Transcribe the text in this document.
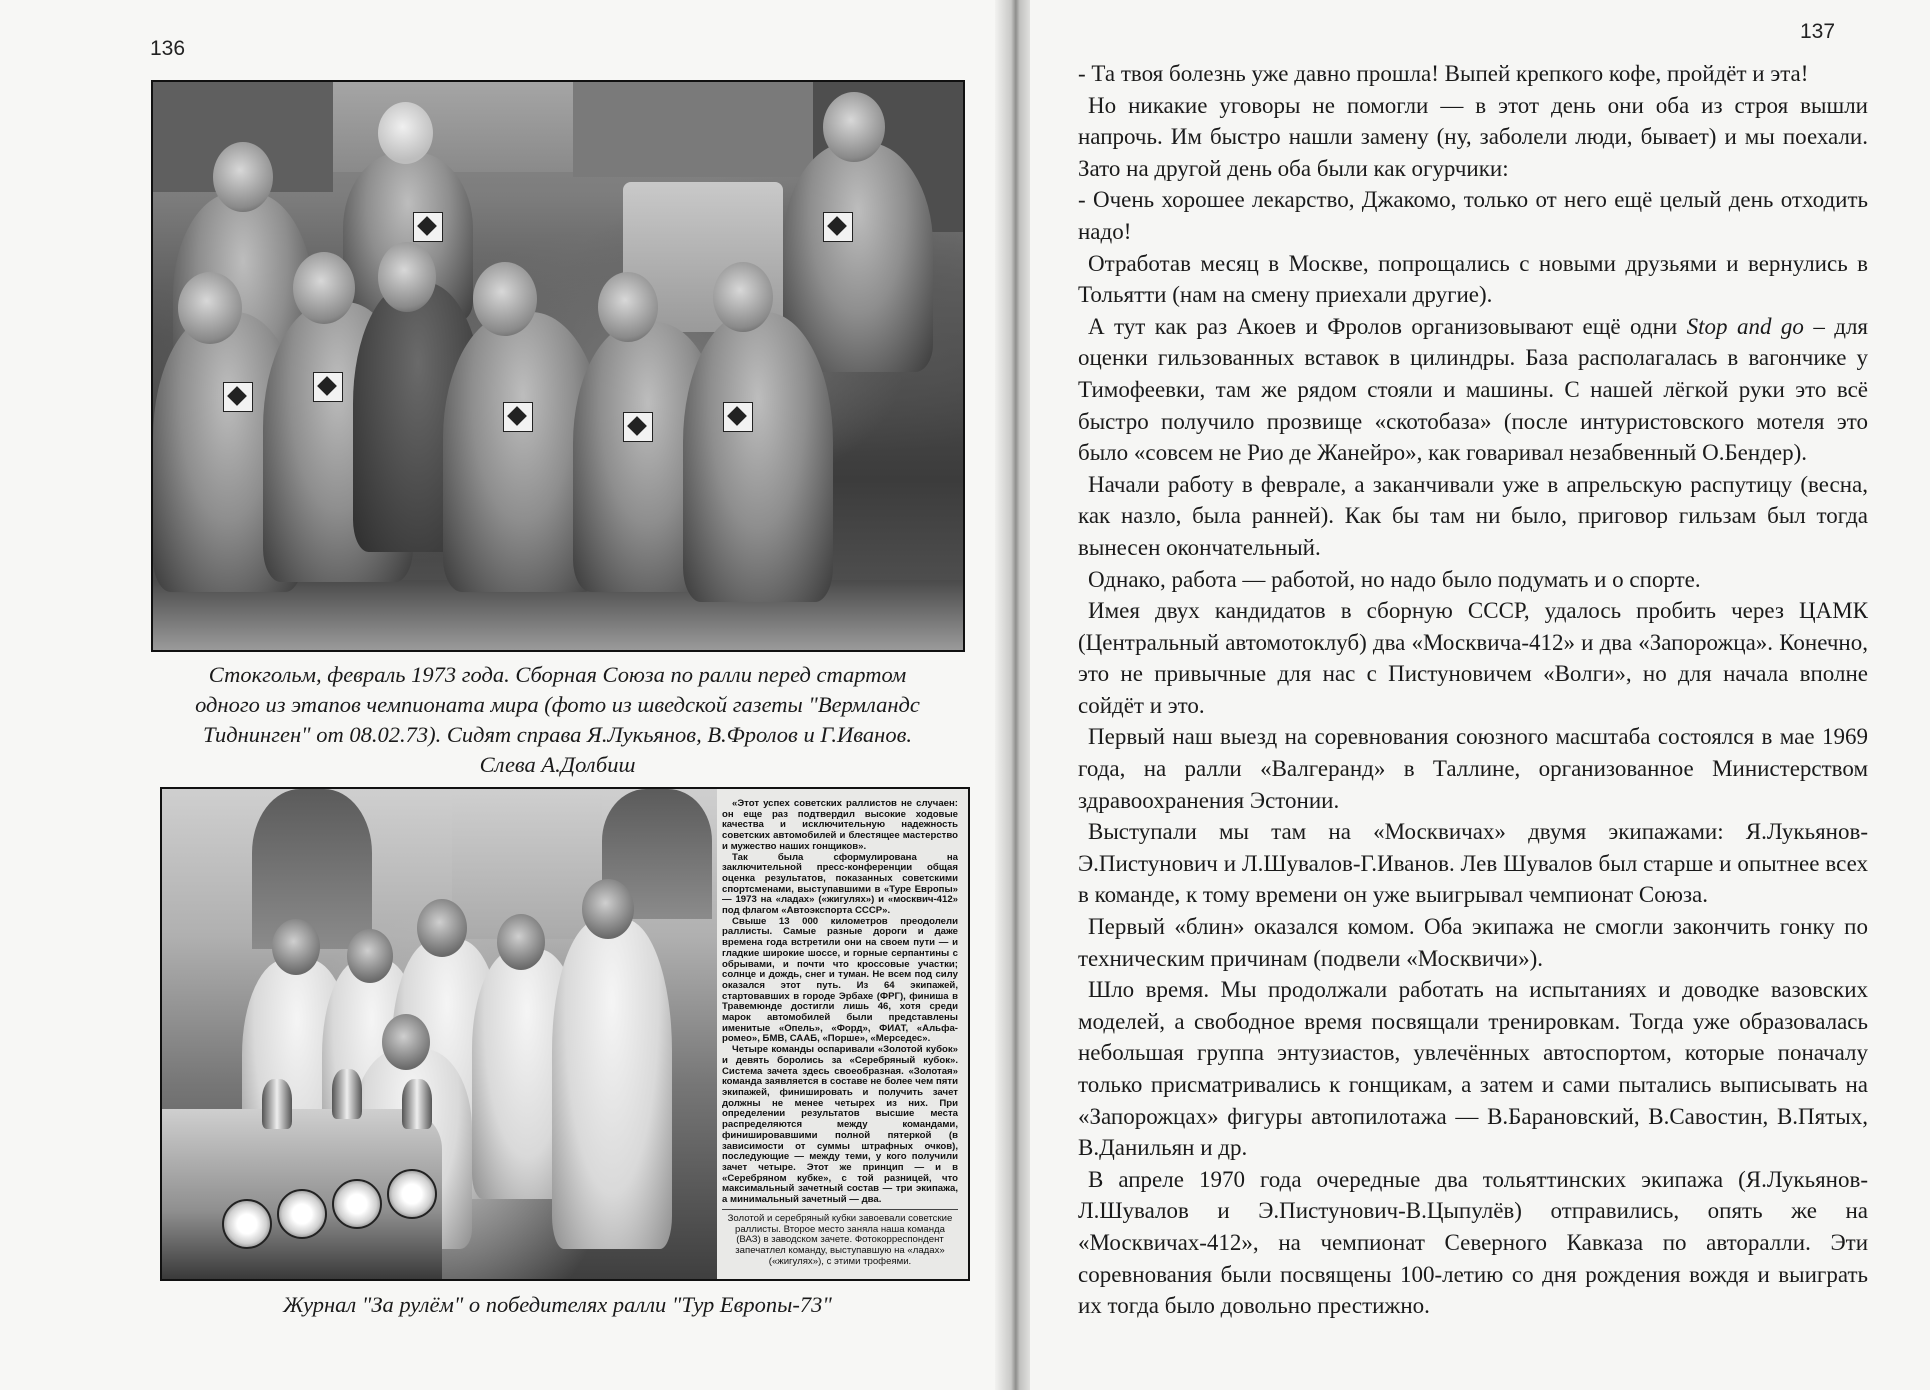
136
137
Стокгольм, февраль 1973 года. Сборная Союза по ралли перед стартом
одного из этапов чемпионата мира (фото из шведской газеты "Вермландс
Тиднинген" от 08.02.73). Сидят справа Я.Лукьянов, В.Фролов и Г.Иванов.
Слева А.Долбиш

«Этот успех советских раллистов не случаен: он еще раз подтвердил высокие ходовые качества и исключительную надежность советских автомобилей и блестящее мастерство и мужество наших гонщиков».

Так была сформулирована на заключительной пресс-конференции общая оценка результатов, показанных советскими спортсменами, выступавшими в «Туре Европы» — 1973 на «ладах» («жигулях») и «москвич-412» под флагом «Автоэкспорта СССР».

Свыше 13 000 километров преодолели раллисты. Самые разные дороги и даже времена года встретили они на своем пути — и гладкие широкие шоссе, и горные серпантины с обрывами, и почти что кроссовые участки; солнце и дождь, снег и туман. Не всем под силу оказался этот путь. Из 64 экипажей, стартовавших в городе Эрбахе (ФРГ), финиша в Травемюнде достигли лишь 46, хотя среди марок автомобилей были представлены именитые «Опель», «Форд», ФИАТ, «Альфа-ромео», БМВ, СААБ, «Порше», «Мерседес».

Четыре команды оспаривали «Золотой кубок» и девять боролись за «Серебряный кубок». Система зачета здесь своеобразная. «Золотая» команда заявляется в составе не более чем пяти экипажей, финишировать и получить зачет должны не менее четырех из них. При определении результатов высшие места распределяются между командами, финишировавшими полной пятеркой (в зависимости от суммы штрафных очков), последующие — между теми, у кого получили зачет четыре. Этот же принцип — и в «Серебряном кубке», с той разницей, что максимальный зачетный состав — три экипажа, а минимальный зачетный — два.

Золотой и серебряный кубки завоевали советские раллисты. Второе место заняла наша команда (ВАЗ) в заводском зачете. Фотокорреспондент запечатлел команду, выступавшую на «ладах» («жигулях»), с этими трофеями.
Журнал "За рулём" о победителях ралли "Тур Европы-73"

- Та твоя болезнь уже давно прошла! Выпей крепкого кофе, пройдёт и эта!

Но никакие уговоры не помогли — в этот день они оба из строя вышли напрочь. Им быстро нашли замену (ну, заболели люди, бывает) и мы поехали. Зато на другой день оба были как огурчики:

- Очень хорошее лекарство, Джакомо, только от него ещё целый день отходить надо!

Отработав месяц в Москве, попрощались с новыми друзьями и вернулись в Тольятти (нам на смену приехали другие).

А тут как раз Акоев и Фролов организовывают ещё одни Stop and go – для оценки гильзованных вставок в цилиндры. База располагалась в вагончике у Тимофеевки, там же рядом стояли и машины. С нашей лёгкой руки это всё быстро получило прозвище «скотобаза» (после интуристовского мотеля это было «совсем не Рио де Жанейро», как говаривал незабвенный О.Бендер).

Начали работу в феврале, а заканчивали уже в апрельскую распутицу (весна, как назло, была ранней). Как бы там ни было, приговор гильзам был тогда вынесен окончательный.

Однако, работа — работой, но надо было подумать и о спорте.

Имея двух кандидатов в сборную СССР, удалось пробить через ЦАМК (Центральный автомотоклуб) два «Москвича-412» и два «Запорожца». Конечно, это не привычные для нас с Пистуновичем «Волги», но для начала вполне сойдёт и это.

Первый наш выезд на соревнования союзного масштаба состоялся в мае 1969 года, на ралли «Валгеранд» в Таллине, организованное Министерством здравоохранения Эстонии.

Выступали мы там на «Москвичах» двумя экипажами: Я.Лукьянов-Э.Пистунович и Л.Шувалов-Г.Иванов. Лев Шувалов был старше и опытнее всех в команде, к тому времени он уже выигрывал чемпионат Союза.

Первый «блин» оказался комом. Оба экипажа не смогли закончить гонку по техническим причинам (подвели «Москвичи»).

Шло время. Мы продолжали работать на испытаниях и доводке вазовских моделей, а свободное время посвящали тренировкам. Тогда уже образовалась небольшая группа энтузиастов, увлечённых автоспортом, которые поначалу только присматривались к гонщикам, а затем и сами пытались выписывать на «Запорожцах» фигуры автопилотажа — В.Барановский, В.Савостин, В.Пятых, В.Данильян и др.

В апреле 1970 года очередные два тольяттинских экипажа (Я.Лукьянов-Л.Шувалов и Э.Пистунович-В.Цыпулёв) отправились, опять же на «Москвичах-412», на чемпионат Северного Кавказа по авторалли. Эти соревнования были посвящены 100-летию со дня рождения вождя и выиграть их тогда было довольно престижно.
